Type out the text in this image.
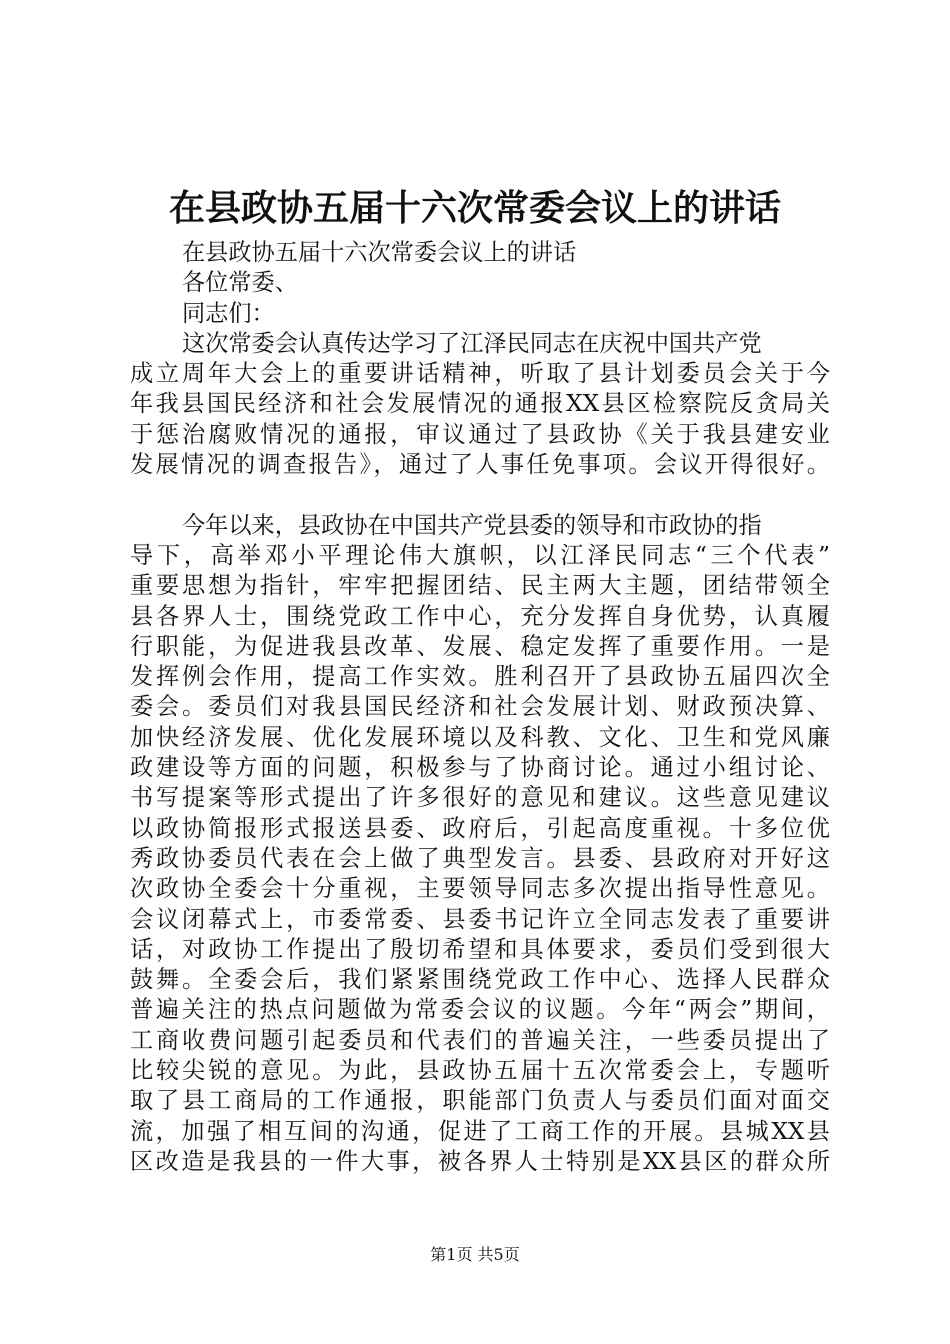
在县政协五届十六次常委会议上的讲话

在县政协五届十六次常委会议上的讲话

各位常委、

同志们：

这次常委会认真传达学习了江泽民同志在庆祝中国共产党

成立周年大会上的重要讲话精神，听取了县计划委员会关于今

年我县国民经济和社会发展情况的通报XX县区检察院反贪局关

于惩治腐败情况的通报，审议通过了县政协《关于我县建安业

发展情况的调查报告》，通过了人事任免事项。会议开得很好。

今年以来，县政协在中国共产党县委的领导和市政协的指

导下，高举邓小平理论伟大旗帜，以江泽民同志“三个代表”

重要思想为指针，牢牢把握团结、民主两大主题，团结带领全

县各界人士，围绕党政工作中心，充分发挥自身优势，认真履

行职能，为促进我县改革、发展、稳定发挥了重要作用。一是

发挥例会作用，提高工作实效。胜利召开了县政协五届四次全

委会。委员们对我县国民经济和社会发展计划、财政预决算、

加快经济发展、优化发展环境以及科教、文化、卫生和党风廉

政建设等方面的问题，积极参与了协商讨论。通过小组讨论、

书写提案等形式提出了许多很好的意见和建议。这些意见建议

以政协简报形式报送县委、政府后，引起高度重视。十多位优

秀政协委员代表在会上做了典型发言。县委、县政府对开好这

次政协全委会十分重视，主要领导同志多次提出指导性意见。

会议闭幕式上，市委常委、县委书记许立全同志发表了重要讲

话，对政协工作提出了殷切希望和具体要求，委员们受到很大

鼓舞。全委会后，我们紧紧围绕党政工作中心、选择人民群众

普遍关注的热点问题做为常委会议的议题。今年“两会”期间，

工商收费问题引起委员和代表们的普遍关注，一些委员提出了

比较尖锐的意见。为此，县政协五届十五次常委会上，专题听

取了县工商局的工作通报，职能部门负责人与委员们面对面交

流，加强了相互间的沟通，促进了工商工作的开展。县城XX县

区改造是我县的一件大事，被各界人士特别是XX县区的群众所

第1页 共5页
